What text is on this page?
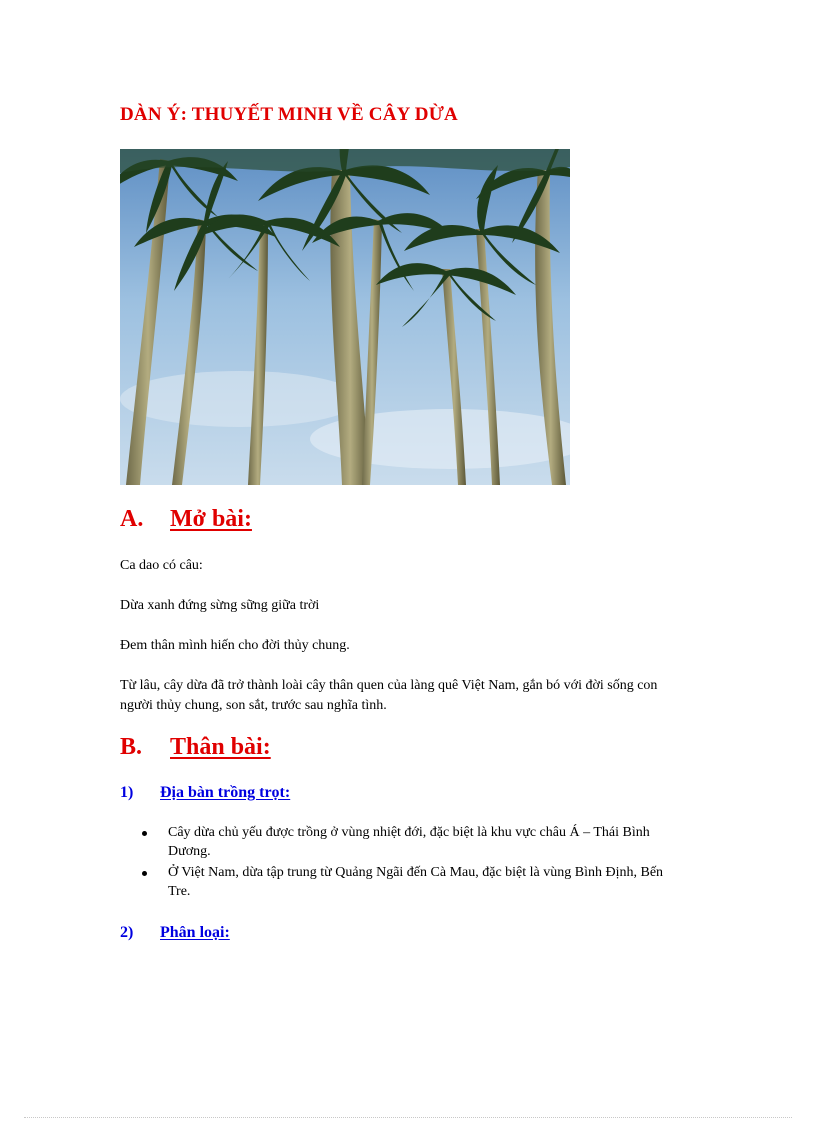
DÀN Ý: THUYẾT MINH VỀ CÂY DỪA
A. Mở bài:

Ca dao có câu:

Dừa xanh đứng sừng sững giữa trời

Đem thân mình hiến cho đời thủy chung.

Từ lâu, cây dừa đã trở thành loài cây thân quen của làng quê Việt Nam, gắn bó với đời sống con người thủy chung, son sắt, trước sau nghĩa tình.

B. Thân bài:
1) Địa bàn trồng trọt:
Cây dừa chủ yếu được trồng ở vùng nhiệt đới, đặc biệt là khu vực châu Á – Thái Bình Dương.
Ở Việt Nam, dừa tập trung từ Quảng Ngãi đến Cà Mau, đặc biệt là vùng Bình Định, Bến Tre.
2) Phân loại:
